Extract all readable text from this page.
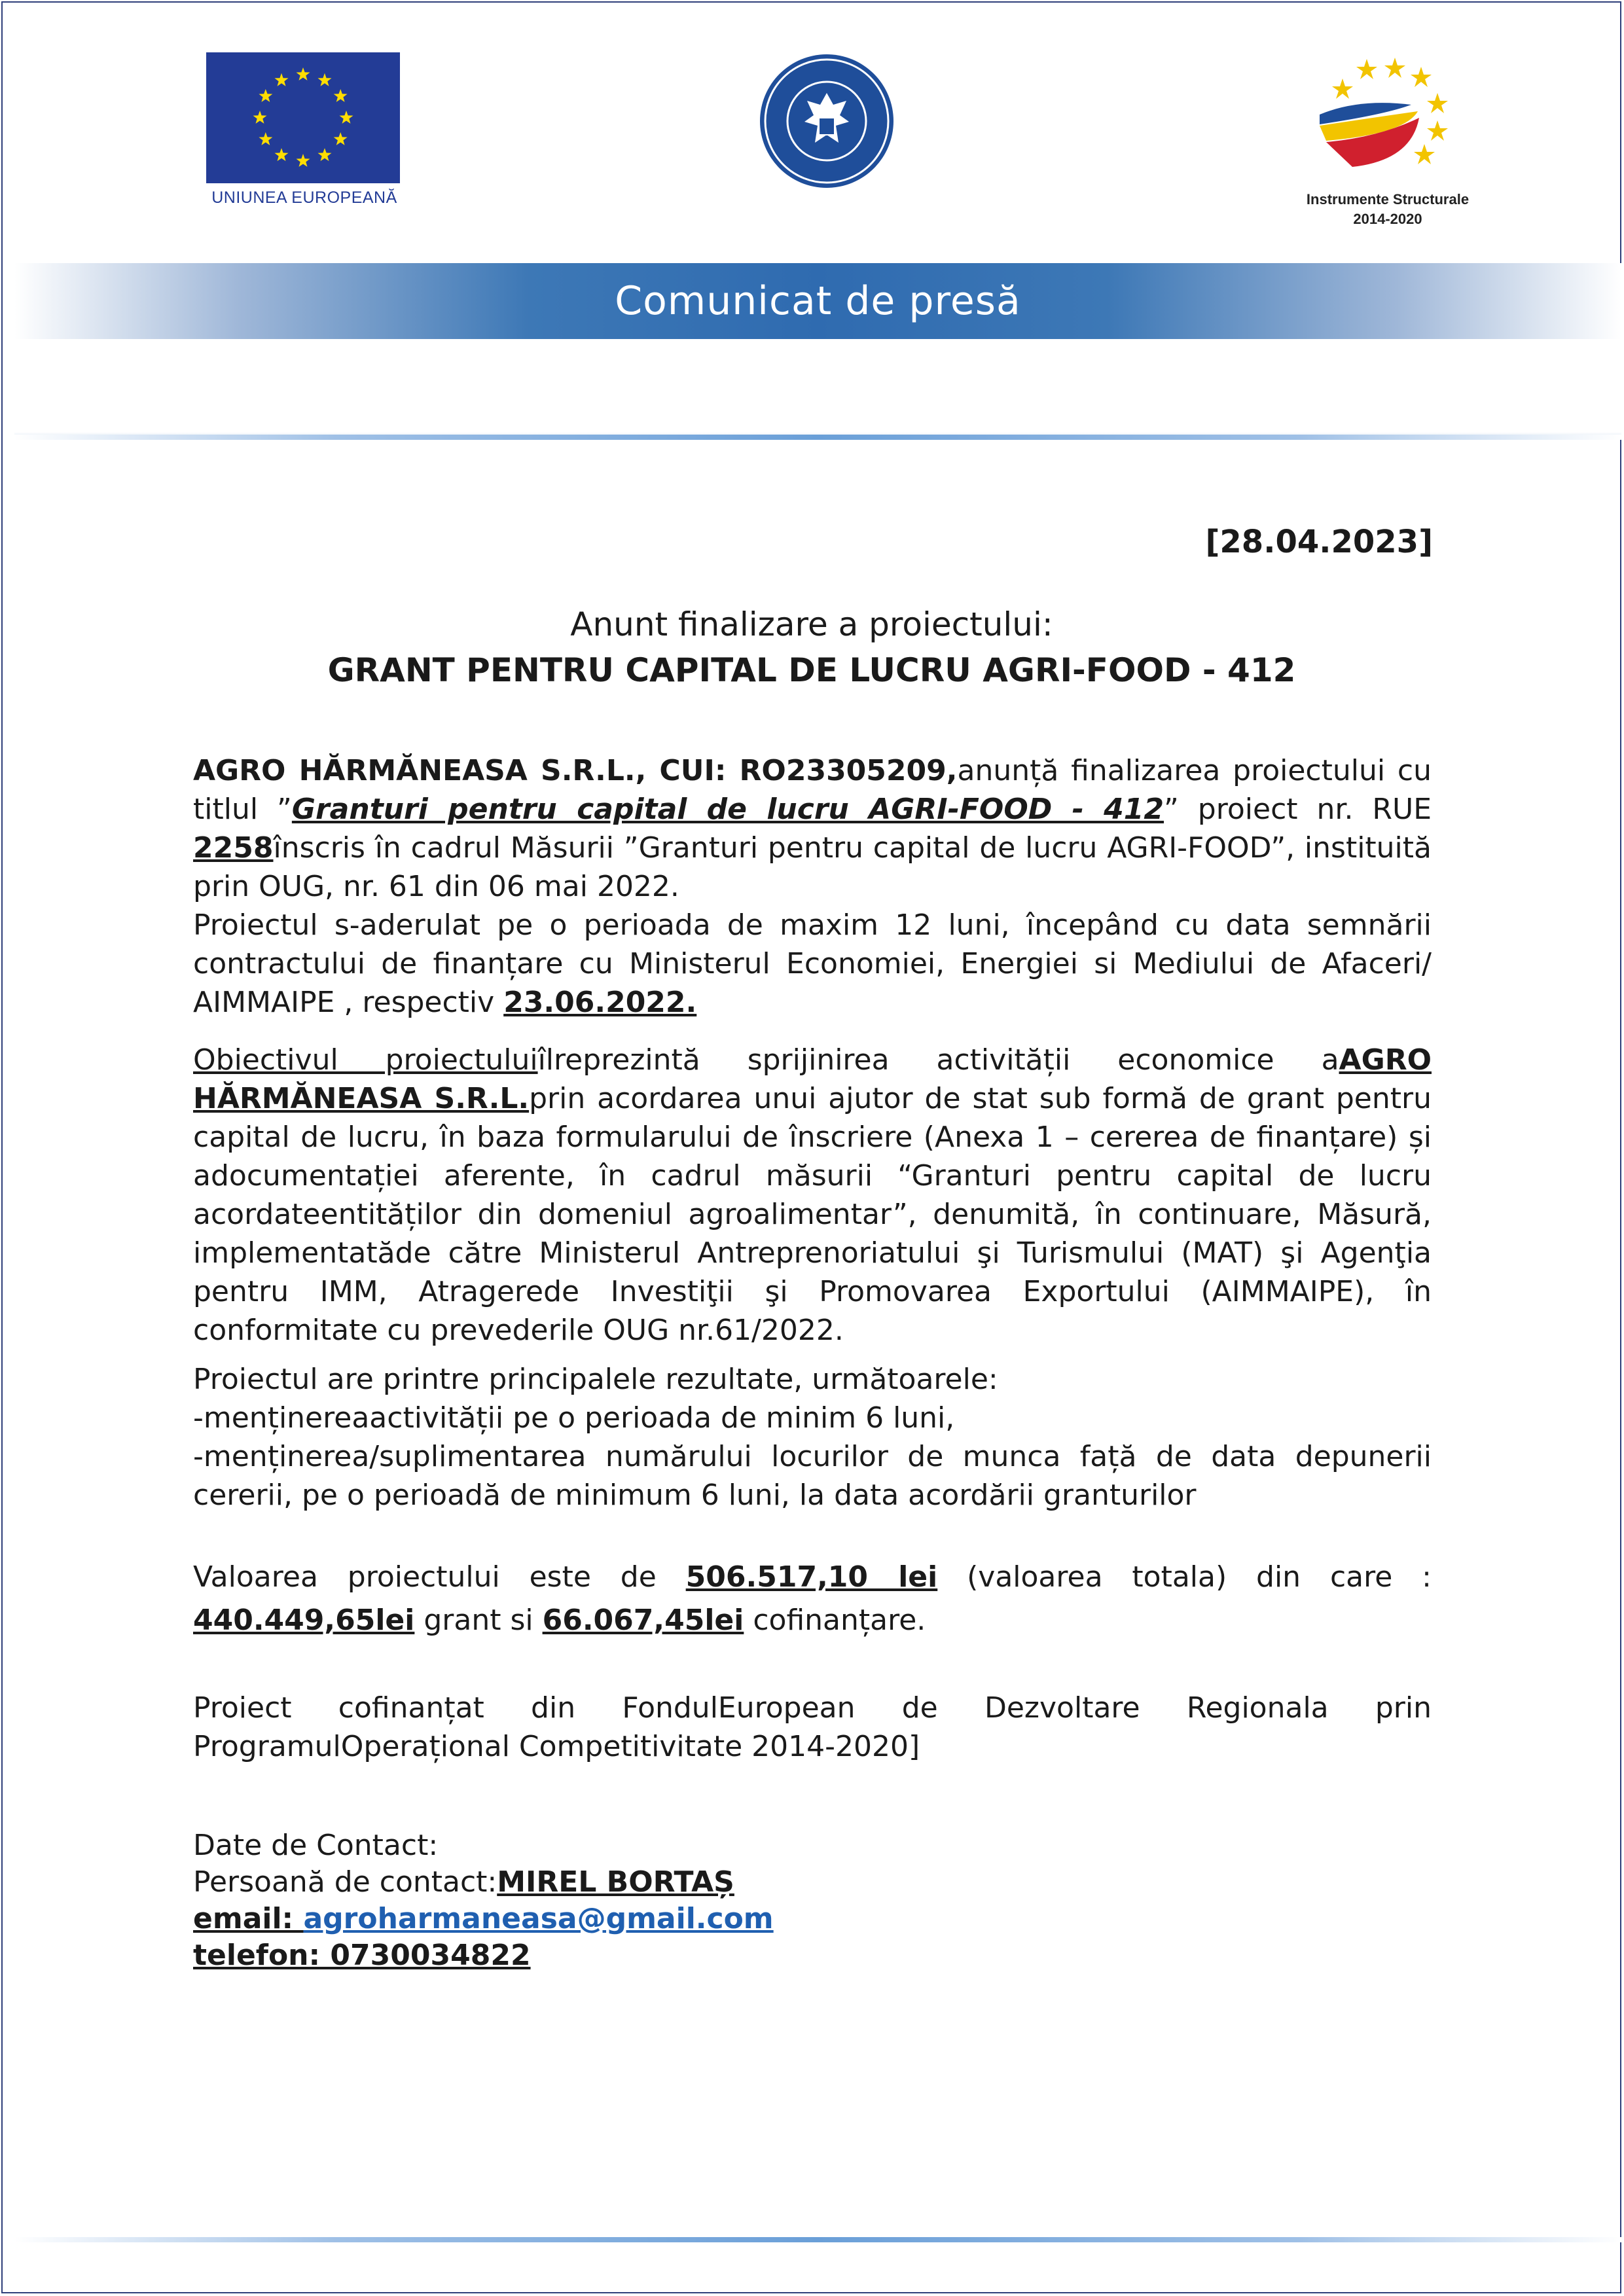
UNIUNEA EUROPEANĂ	Instrumente Structurale
2014-2020
Comunicat de presă
[28.04.2023]
Anunt finalizare a proiectului:
GRANT PENTRU CAPITAL DE LUCRU AGRI-FOOD - 412

AGRO HĂRMĂNEASA S.R.L., CUI: RO23305209,anunță finalizarea proiectului cu titlul ”Granturi pentru capital de lucru AGRI-FOOD - 412” proiect nr. RUE 2258înscris în cadrul Măsurii ”Granturi pentru capital de lucru AGRI-FOOD”, instituită prin OUG, nr. 61 din 06 mai 2022.

Proiectul s-aderulat pe o perioada de maxim 12 luni, începând cu data semnării contractului de finanțare cu Ministerul Economiei, Energiei si Mediului de Afaceri/ AIMMAIPE , respectiv 23.06.2022.

Obiectivul proiectuluiîlreprezintă sprijinirea activității economice aAGRO HĂRMĂNEASA S.R.L.prin acordarea unui ajutor de stat sub formă de grant pentru capital de lucru, în baza formularului de înscriere (Anexa 1 – cererea de finanțare) și adocumentației aferente, în cadrul măsurii “Granturi pentru capital de lucru acordateentităților din domeniul agroalimentar”, denumită, în continuare, Măsură, implementatăde către Ministerul Antreprenoriatului şi Turismului (MAT) şi Agenţia pentru IMM, Atragerede Investiţii şi Promovarea Exportului (AIMMAIPE), în conformitate cu prevederile OUG nr.61/2022.

Proiectul are printre principalele rezultate, următoarele:

-menținereaactivității pe o perioada de minim 6 luni,

-menținerea/suplimentarea numărului locurilor de munca față de data depunerii cererii, pe o perioadă de minimum 6 luni, la data acordării granturilor

Valoarea proiectului este de 506.517,10 lei (valoarea totala) din care : 440.449,65lei grant si 66.067,45lei cofinanțare.

Proiect cofinanțat din FondulEuropean de Dezvoltare Regionala prin ProgramulOperațional Competitivitate 2014-2020]

Date de Contact:

Persoană de contact:MIREL BORTAȘ

email: agroharmaneasa@gmail.com

telefon: 0730034822
